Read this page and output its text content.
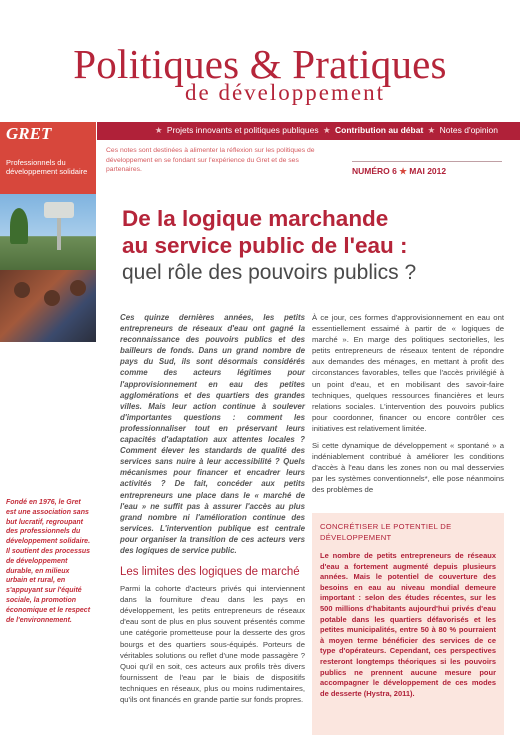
Politiques & Pratiques
de développement
GRET
Professionnels du développement solidaire
★ Projets innovants et politiques publiques ★ Contribution au débat ★ Notes d'opinion
Ces notes sont destinées à alimenter la réflexion sur les politiques de développement en se fondant sur l'expérience du Gret et de ses partenaires.	NUMÉRO 6 ★ MAI 2012
Fondé en 1976, le Gret est une association sans but lucratif, regroupant des professionnels du développement solidaire. Il soutient des processus de développement durable, en milieux urbain et rural, en s'appuyant sur l'équité sociale, la promotion économique et le respect de l'environnement.
De la logique marchande
au service public de l'eau :
quel rôle des pouvoirs publics ?

Ces quinze dernières années, les petits entrepreneurs de réseaux d'eau ont gagné la reconnaissance des pouvoirs publics et des bailleurs de fonds. Dans un grand nombre de pays du Sud, ils sont désormais considérés comme des acteurs légitimes pour l'approvisionnement en eau des petites agglomérations et des quartiers des grandes villes. Mais leur action continue à soulever d'importantes questions : comment les professionnaliser tout en préservant leurs capacités d'adaptation aux attentes locales ? Comment élever les standards de qualité des services sans nuire à leur accessibilité ? Quels mécanismes pour financer et encadrer leurs activités ? De fait, concéder aux petits entrepreneurs une place dans le « marché de l'eau » ne suffit pas à assurer l'accès au plus grand nombre ni l'amélioration continue des services. L'intervention publique est centrale pour organiser la transition de ces acteurs vers des logiques de service public.

Les limites des logiques de marché

Parmi la cohorte d'acteurs privés qui interviennent dans la fourniture d'eau dans les pays en développement, les petits entrepreneurs de réseaux d'eau sont de plus en plus souvent présentés comme une catégorie prometteuse pour la desserte des gros bourgs et des quartiers sous-équipés. Porteurs de véritables solutions ou reflet d'une mode passagère ? Quoi qu'il en soit, ces acteurs aux profils très divers fournissent de l'eau par le biais de dispositifs techniques en réseaux, plus ou moins rudimentaires, qu'ils ont financés en grande partie sur fonds propres.

À ce jour, ces formes d'approvisionnement en eau ont essentiellement essaimé à partir de « logiques de marché ». En marge des politiques sectorielles, les petits entrepreneurs de réseaux tentent de répondre aux demandes des ménages, en mettant à profit des circonstances favorables, telles que l'accès privilégié à un point d'eau, et en mobilisant des savoir-faire techniques, quelques ressources financières et leurs relations sociales. L'intervention des pouvoirs publics pour coordonner, financer ou encore contrôler ces initiatives est relativement limitée.

Si cette dynamique de développement « spontané » a indéniablement contribué à améliorer les conditions d'accès à l'eau dans les zones non ou mal desservies par les systèmes conventionnels*, elle pose néanmoins des problèmes de

CONCRÉTISER LE POTENTIEL DE DÉVELOPPEMENT
Le nombre de petits entrepreneurs de réseaux d'eau a fortement augmenté depuis plusieurs années. Mais le potentiel de couverture des besoins en eau au niveau mondial demeure important : selon des études récentes, sur les 500 millions d'habitants aujourd'hui privés d'eau potable dans les quartiers défavorisés et les petites municipalités, entre 50 à 80 % pourraient à moyen terme bénéficier des services de ce type d'opérateurs. Cependant, ces perspectives resteront longtemps théoriques si les pouvoirs publics ne prennent aucune mesure pour accompagner le développement de ces modes de desserte (Hystra, 2011).
